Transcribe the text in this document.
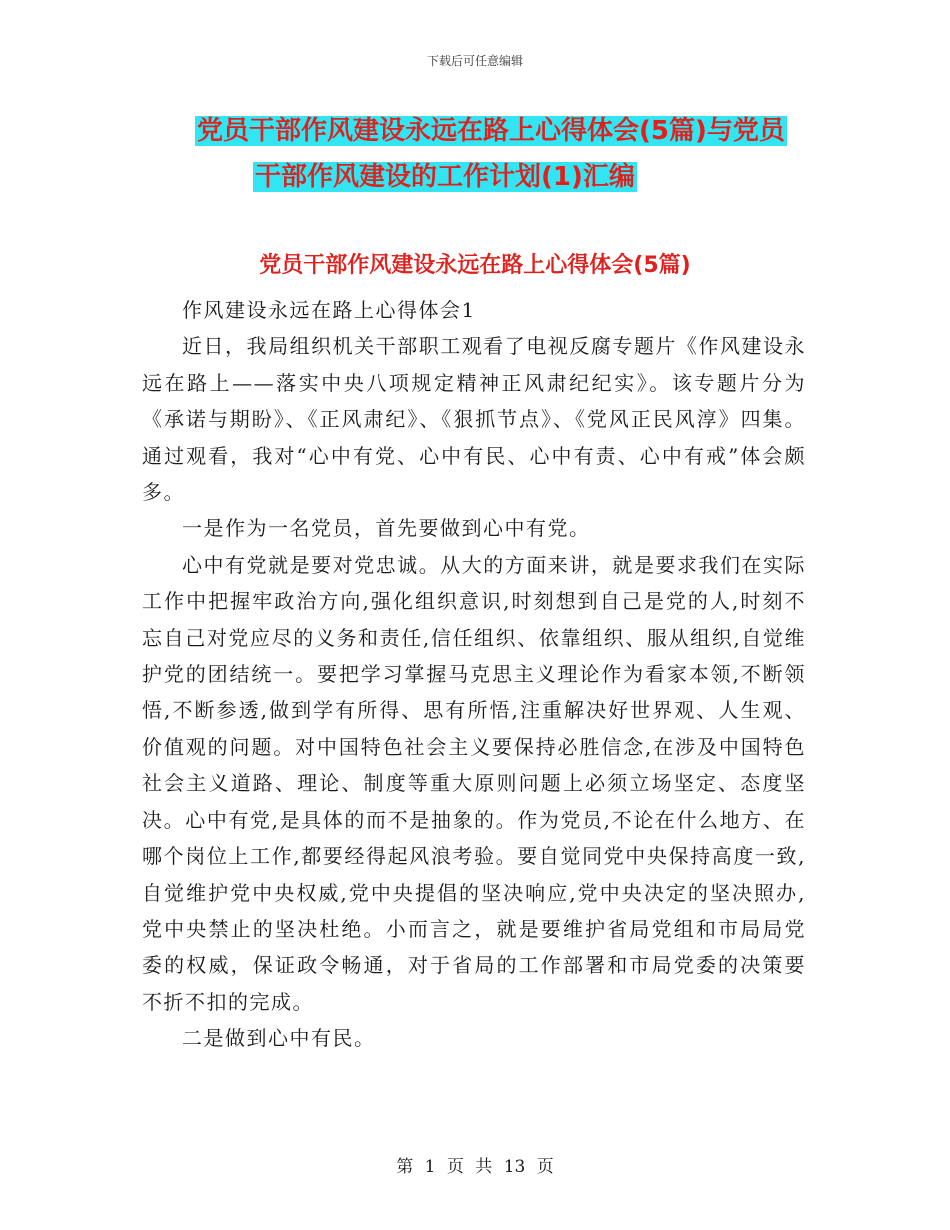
下载后可任意编辑
党员干部作风建设永远在路上心得体会(5篇)与党员
干部作风建设的工作计划(1)汇编
党员干部作风建设永远在路上心得体会(5篇)

作风建设永远在路上心得体会1

近日，我局组织机关干部职工观看了电视反腐专题片《作风建设永远在路上——落实中央八项规定精神正风肃纪纪实》。该专题片分为《承诺与期盼》、《正风肃纪》、《狠抓节点》、《党风正民风淳》四集。通过观看，我对“心中有党、心中有民、心中有责、心中有戒”体会颇多。

一是作为一名党员，首先要做到心中有党。

心中有党就是要对党忠诚。从大的方面来讲，就是要求我们在实际工作中把握牢政治方向,强化组织意识,时刻想到自己是党的人,时刻不忘自己对党应尽的义务和责任,信任组织、依靠组织、服从组织,自觉维护党的团结统一。要把学习掌握马克思主义理论作为看家本领,不断领悟,不断参透,做到学有所得、思有所悟,注重解决好世界观、人生观、价值观的问题。对中国特色社会主义要保持必胜信念,在涉及中国特色社会主义道路、理论、制度等重大原则问题上必须立场坚定、态度坚决。心中有党,是具体的而不是抽象的。作为党员,不论在什么地方、在哪个岗位上工作,都要经得起风浪考验。要自觉同党中央保持高度一致,自觉维护党中央权威,党中央提倡的坚决响应,党中央决定的坚决照办,党中央禁止的坚决杜绝。小而言之，就是要维护省局党组和市局局党委的权威，保证政令畅通，对于省局的工作部署和市局党委的决策要不折不扣的完成。

二是做到心中有民。

第 1 页 共 13 页
